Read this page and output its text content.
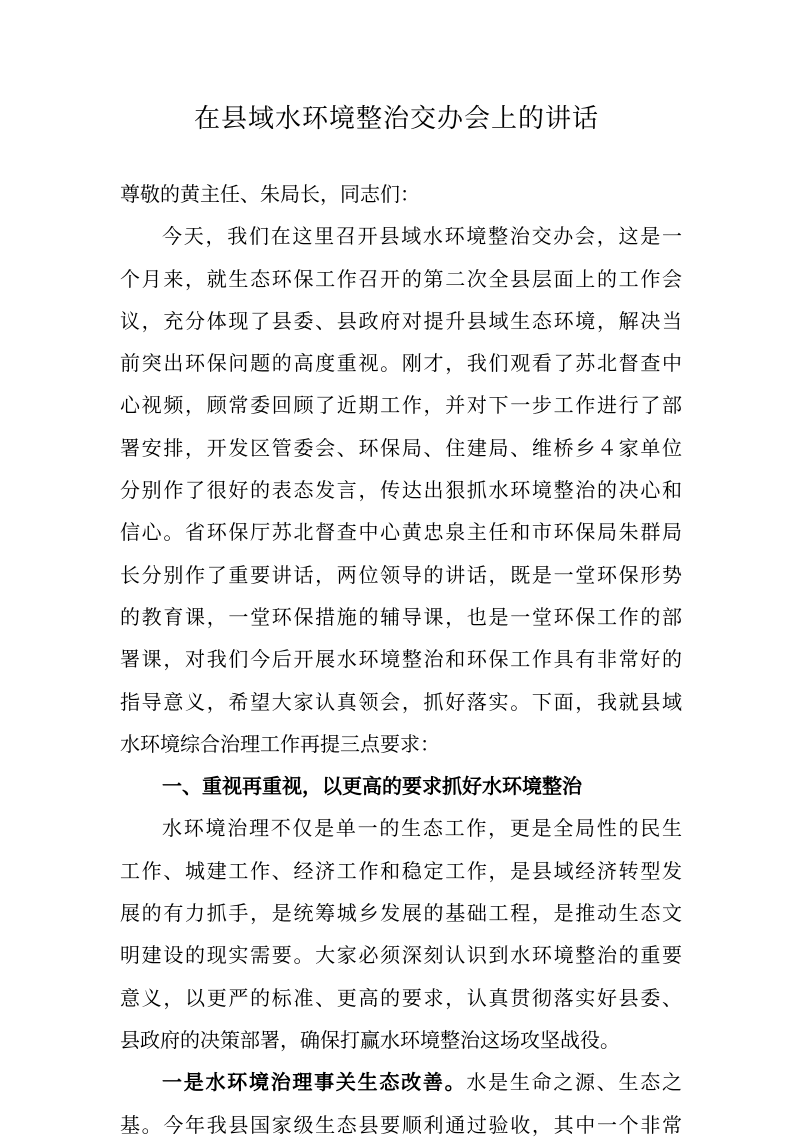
在县域水环境整治交办会上的讲话
尊敬的黄主任、朱局长，同志们：
今天，我们在这里召开县域水环境整治交办会，这是一
个月来，就生态环保工作召开的第二次全县层面上的工作会
议，充分体现了县委、县政府对提升县域生态环境，解决当
前突出环保问题的高度重视。刚才，我们观看了苏北督查中
心视频，顾常委回顾了近期工作，并对下一步工作进行了部
署安排，开发区管委会、环保局、住建局、维桥乡４家单位
分别作了很好的表态发言，传达出狠抓水环境整治的决心和
信心。省环保厅苏北督查中心黄忠泉主任和市环保局朱群局
长分别作了重要讲话，两位领导的讲话，既是一堂环保形势
的教育课，一堂环保措施的辅导课，也是一堂环保工作的部
署课，对我们今后开展水环境整治和环保工作具有非常好的
指导意义，希望大家认真领会，抓好落实。下面，我就县域
水环境综合治理工作再提三点要求：
一、重视再重视，以更高的要求抓好水环境整治
水环境治理不仅是单一的生态工作，更是全局性的民生
工作、城建工作、经济工作和稳定工作，是县域经济转型发
展的有力抓手，是统筹城乡发展的基础工程，是推动生态文
明建设的现实需要。大家必须深刻认识到水环境整治的重要
意义，以更严的标准、更高的要求，认真贯彻落实好县委、
县政府的决策部署，确保打赢水环境整治这场攻坚战役。
一是水环境治理事关生态改善。水是生命之源、生态之
基。今年我县国家级生态县要顺利通过验收，其中一个非常
